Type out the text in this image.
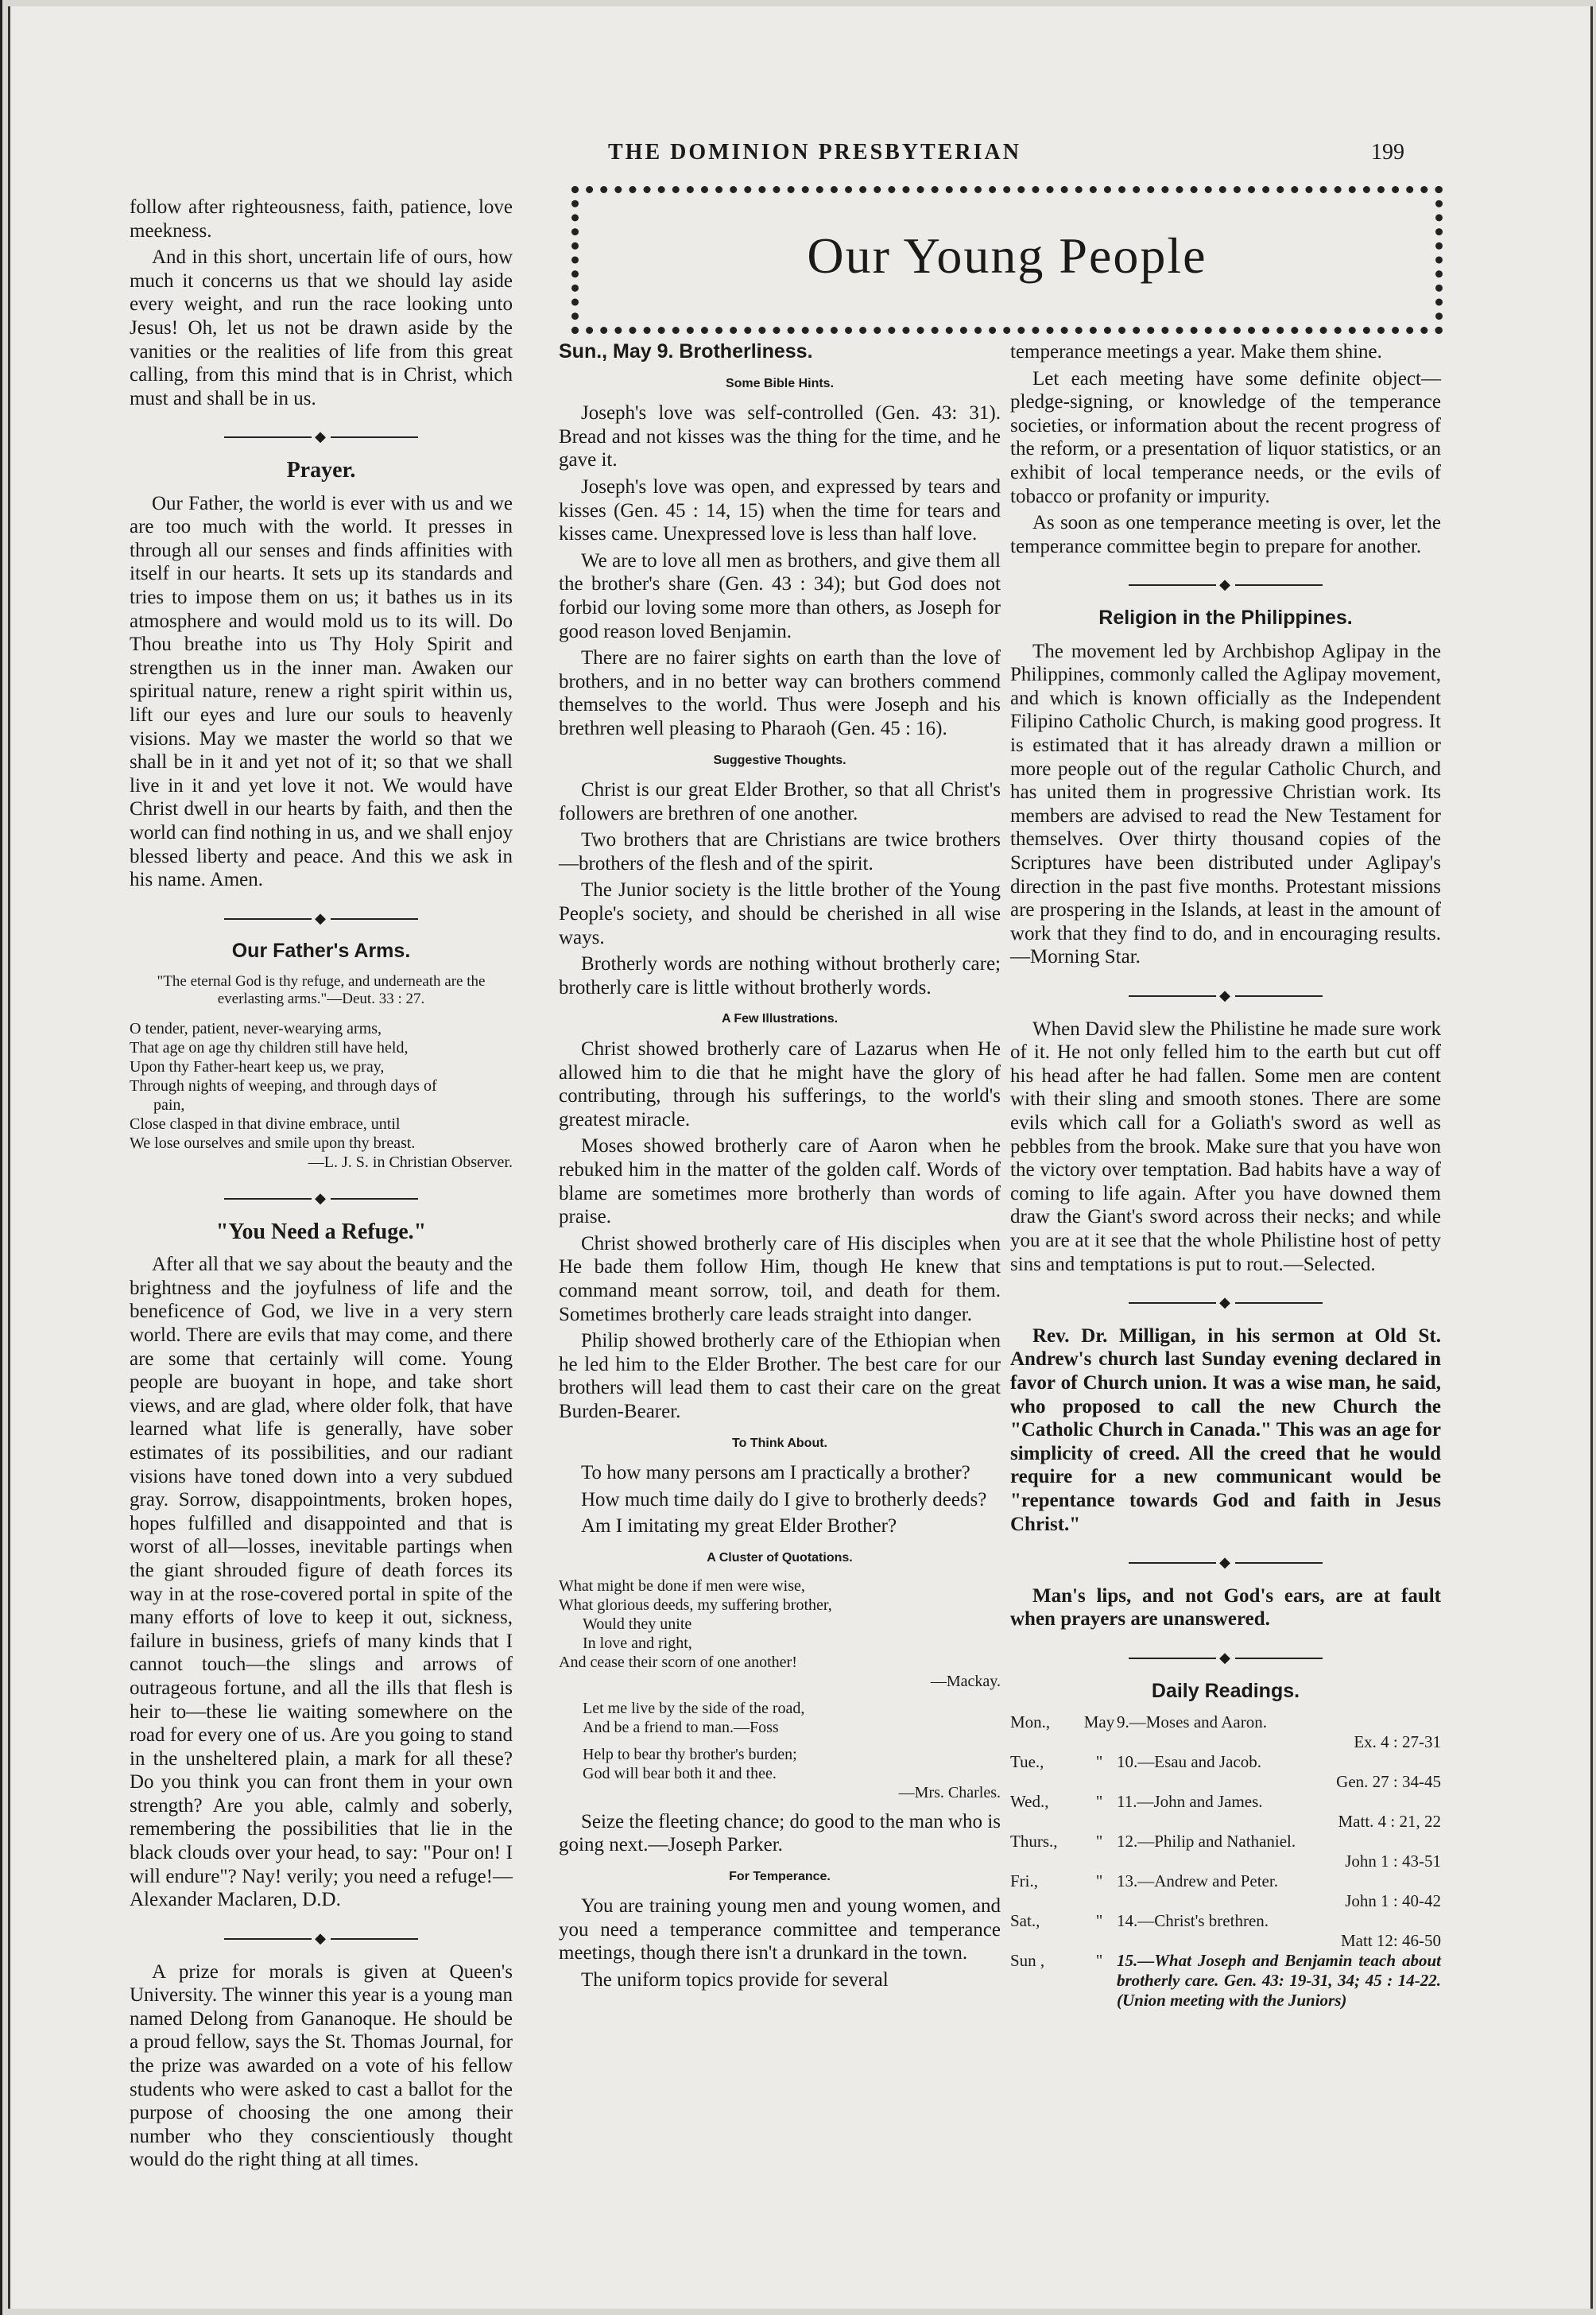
THE DOMINION PRESBYTERIAN	199

follow after righteousness, faith, patience, love meekness.

And in this short, uncertain life of ours, how much it concerns us that we should lay aside every weight, and run the race looking unto Jesus! Oh, let us not be drawn aside by the vanities or the realities of life from this great calling, from this mind that is in Christ, which must and shall be in us.

◆
Prayer.

Our Father, the world is ever with us and we are too much with the world. It presses in through all our senses and finds affinities with itself in our hearts. It sets up its standards and tries to impose them on us; it bathes us in its atmosphere and would mold us to its will. Do Thou breathe into us Thy Holy Spirit and strengthen us in the inner man. Awaken our spiritual nature, renew a right spirit within us, lift our eyes and lure our souls to heavenly visions. May we master the world so that we shall be in it and yet not of it; so that we shall live in it and yet love it not. We would have Christ dwell in our hearts by faith, and then the world can find nothing in us, and we shall enjoy blessed liberty and peace. And this we ask in his name. Amen.

◆
Our Father's Arms.
"The eternal God is thy refuge, and underneath are the everlasting arms."—Deut. 33 : 27.
O tender, patient, never-wearying arms,
That age on age thy children still have held,
Upon thy Father-heart keep us, we pray,
Through nights of weeping, and through days of
pain,
Close clasped in that divine embrace, until
We lose ourselves and smile upon thy breast.
—L. J. S. in Christian Observer.
◆
"You Need a Refuge."

After all that we say about the beauty and the brightness and the joyfulness of life and the beneficence of God, we live in a very stern world. There are evils that may come, and there are some that certainly will come. Young people are buoyant in hope, and take short views, and are glad, where older folk, that have learned what life is generally, have sober estimates of its possibilities, and our radiant visions have toned down into a very subdued gray. Sorrow, disappointments, broken hopes, hopes fulfilled and disappointed and that is worst of all—losses, inevitable partings when the giant shrouded figure of death forces its way in at the rose-covered portal in spite of the many efforts of love to keep it out, sickness, failure in business, griefs of many kinds that I cannot touch—the slings and arrows of outrageous fortune, and all the ills that flesh is heir to—these lie waiting somewhere on the road for every one of us. Are you going to stand in the unsheltered plain, a mark for all these? Do you think you can front them in your own strength? Are you able, calmly and soberly, remembering the possibilities that lie in the black clouds over your head, to say: "Pour on! I will endure"? Nay! verily; you need a refuge!—Alexander Maclaren, D.D.

◆

A prize for morals is given at Queen's University. The winner this year is a young man named Delong from Gananoque. He should be a proud fellow, says the St. Thomas Journal, for the prize was awarded on a vote of his fellow students who were asked to cast a ballot for the purpose of choosing the one among their number who they conscientiously thought would do the right thing at all times.

Our Young People
Sun., May 9. Brotherliness.
Some Bible Hints.

Joseph's love was self-controlled (Gen. 43: 31). Bread and not kisses was the thing for the time, and he gave it.

Joseph's love was open, and expressed by tears and kisses (Gen. 45 : 14, 15) when the time for tears and kisses came. Unexpressed love is less than half love.

We are to love all men as brothers, and give them all the brother's share (Gen. 43 : 34); but God does not forbid our loving some more than others, as Joseph for good reason loved Benjamin.

There are no fairer sights on earth than the love of brothers, and in no better way can brothers commend themselves to the world. Thus were Joseph and his brethren well pleasing to Pharaoh (Gen. 45 : 16).

Suggestive Thoughts.

Christ is our great Elder Brother, so that all Christ's followers are brethren of one another.

Two brothers that are Christians are twice brothers—brothers of the flesh and of the spirit.

The Junior society is the little brother of the Young People's society, and should be cherished in all wise ways.

Brotherly words are nothing without brotherly care; brotherly care is little without brotherly words.

A Few Illustrations.

Christ showed brotherly care of Lazarus when He allowed him to die that he might have the glory of contributing, through his sufferings, to the world's greatest miracle.

Moses showed brotherly care of Aaron when he rebuked him in the matter of the golden calf. Words of blame are sometimes more brotherly than words of praise.

Christ showed brotherly care of His disciples when He bade them follow Him, though He knew that command meant sorrow, toil, and death for them. Sometimes brotherly care leads straight into danger.

Philip showed brotherly care of the Ethiopian when he led him to the Elder Brother. The best care for our brothers will lead them to cast their care on the great Burden-Bearer.

To Think About.

To how many persons am I practically a brother?

How much time daily do I give to brotherly deeds?

Am I imitating my great Elder Brother?

A Cluster of Quotations.
What might be done if men were wise,
What glorious deeds, my suffering brother,
Would they unite
In love and right,
And cease their scorn of one another!
—Mackay.
Let me live by the side of the road,
And be a friend to man.—Foss
Help to bear thy brother's burden;
God will bear both it and thee.
—Mrs. Charles.

Seize the fleeting chance; do good to the man who is going next.—Joseph Parker.

For Temperance.

You are training young men and young women, and you need a temperance committee and temperance meetings, though there isn't a drunkard in the town.

The uniform topics provide for several

temperance meetings a year. Make them shine.

Let each meeting have some definite object—pledge-signing, or knowledge of the temperance societies, or information about the recent progress of the reform, or a presentation of liquor statistics, or an exhibit of local temperance needs, or the evils of tobacco or profanity or impurity.

As soon as one temperance meeting is over, let the temperance committee begin to prepare for another.

◆
Religion in the Philippines.

The movement led by Archbishop Aglipay in the Philippines, commonly called the Aglipay movement, and which is known officially as the Independent Filipino Catholic Church, is making good progress. It is estimated that it has already drawn a million or more people out of the regular Catholic Church, and has united them in progressive Christian work. Its members are advised to read the New Testament for themselves. Over thirty thousand copies of the Scriptures have been distributed under Aglipay's direction in the past five months. Protestant missions are prospering in the Islands, at least in the amount of work that they find to do, and in encouraging results.—Morning Star.

◆

When David slew the Philistine he made sure work of it. He not only felled him to the earth but cut off his head after he had fallen. Some men are content with their sling and smooth stones. There are some evils which call for a Goliath's sword as well as pebbles from the brook. Make sure that you have won the victory over temptation. Bad habits have a way of coming to life again. After you have downed them draw the Giant's sword across their necks; and while you are at it see that the whole Philistine host of petty sins and temptations is put to rout.—Selected.

◆

Rev. Dr. Milligan, in his sermon at Old St. Andrew's church last Sunday evening declared in favor of Church union. It was a wise man, he said, who proposed to call the new Church the "Catholic Church in Canada." This was an age for simplicity of creed. All the creed that he would require for a new communicant would be "repentance towards God and faith in Jesus Christ."

◆

Man's lips, and not God's ears, are at fault when prayers are unanswered.

◆
Daily Readings.
Mon.,	May	9.—Moses and Aaron.
Ex. 4 : 27-31

Tue.,	"	10.—Esau and Jacob.
Gen. 27 : 34-45

Wed.,	"	11.—John and James.
Matt. 4 : 21, 22

Thurs.,	"	12.—Philip and Nathaniel.
John 1 : 43-51

Fri.,	"	13.—Andrew and Peter.
John 1 : 40-42

Sat.,	"	14.—Christ's brethren.
Matt 12: 46-50

Sun ,	"	15.—What Joseph and Benjamin teach about brotherly care. Gen. 43: 19-31, 34; 45 : 14-22. (Union meeting with the Juniors)
